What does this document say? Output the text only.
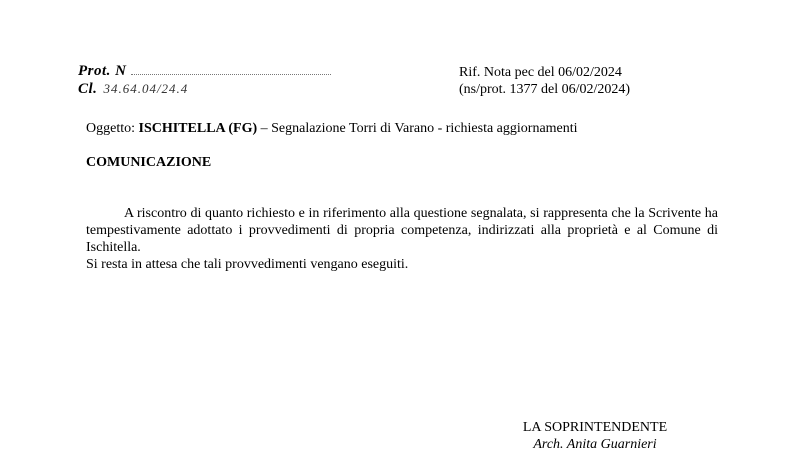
Prot. N
Cl. 34.64.04/24.4
Rif. Nota pec del 06/02/2024
(ns/prot. 1377 del 06/02/2024)
Oggetto: ISCHITELLA (FG) – Segnalazione Torri di Varano - richiesta aggiornamenti
COMUNICAZIONE

A riscontro di quanto richiesto e in riferimento alla questione segnalata, si rappresenta che la Scrivente ha tempestivamente adottato i provvedimenti di propria competenza, indirizzati alla proprietà e al Comune di Ischitella.

Si resta in attesa che tali provvedimenti vengano eseguiti.

LA SOPRINTENDENTE
Arch. Anita Guarnieri
